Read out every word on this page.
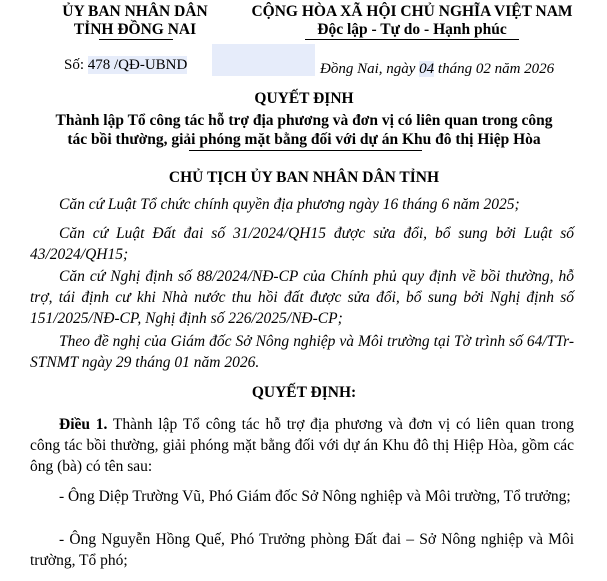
ỦY BAN NHÂN DÂN
TỈNH ĐỒNG NAI
CỘNG HÒA XÃ HỘI CHỦ NGHĨA VIỆT NAM
Độc lập - Tự do - Hạnh phúc
Số: 478 /QĐ-UBND	Đồng Nai, ngày 04 tháng 02 năm 2026
QUYẾT ĐỊNH
Thành lập Tổ công tác hỗ trợ địa phương và đơn vị có liên quan trong công
tác bồi thường, giải phóng mặt bằng đối với dự án Khu đô thị Hiệp Hòa
CHỦ TỊCH ỦY BAN NHÂN DÂN TỈNH
Căn cứ Luật Tổ chức chính quyền địa phương ngày 16 tháng 6 năm 2025;
Căn cứ Luật Đất đai số 31/2024/QH15 được sửa đổi, bổ sung bởi Luật số 43/2024/QH15;
Căn cứ Nghị định số 88/2024/NĐ-CP của Chính phủ quy định về bồi thường, hỗ trợ, tái định cư khi Nhà nước thu hồi đất được sửa đổi, bổ sung bởi Nghị định số 151/2025/NĐ-CP, Nghị định số 226/2025/NĐ-CP;
Theo đề nghị của Giám đốc Sở Nông nghiệp và Môi trường tại Tờ trình số 64/TTr-STNMT ngày 29 tháng 01 năm 2026.
QUYẾT ĐỊNH:
Điều 1. Thành lập Tổ công tác hỗ trợ địa phương và đơn vị có liên quan trong công tác bồi thường, giải phóng mặt bằng đối với dự án Khu đô thị Hiệp Hòa, gồm các ông (bà) có tên sau:
- Ông Diệp Trường Vũ, Phó Giám đốc Sở Nông nghiệp và Môi trường, Tổ trưởng;
- Ông Nguyễn Hồng Quế, Phó Trưởng phòng Đất đai – Sở Nông nghiệp và Môi trường, Tổ phó;
